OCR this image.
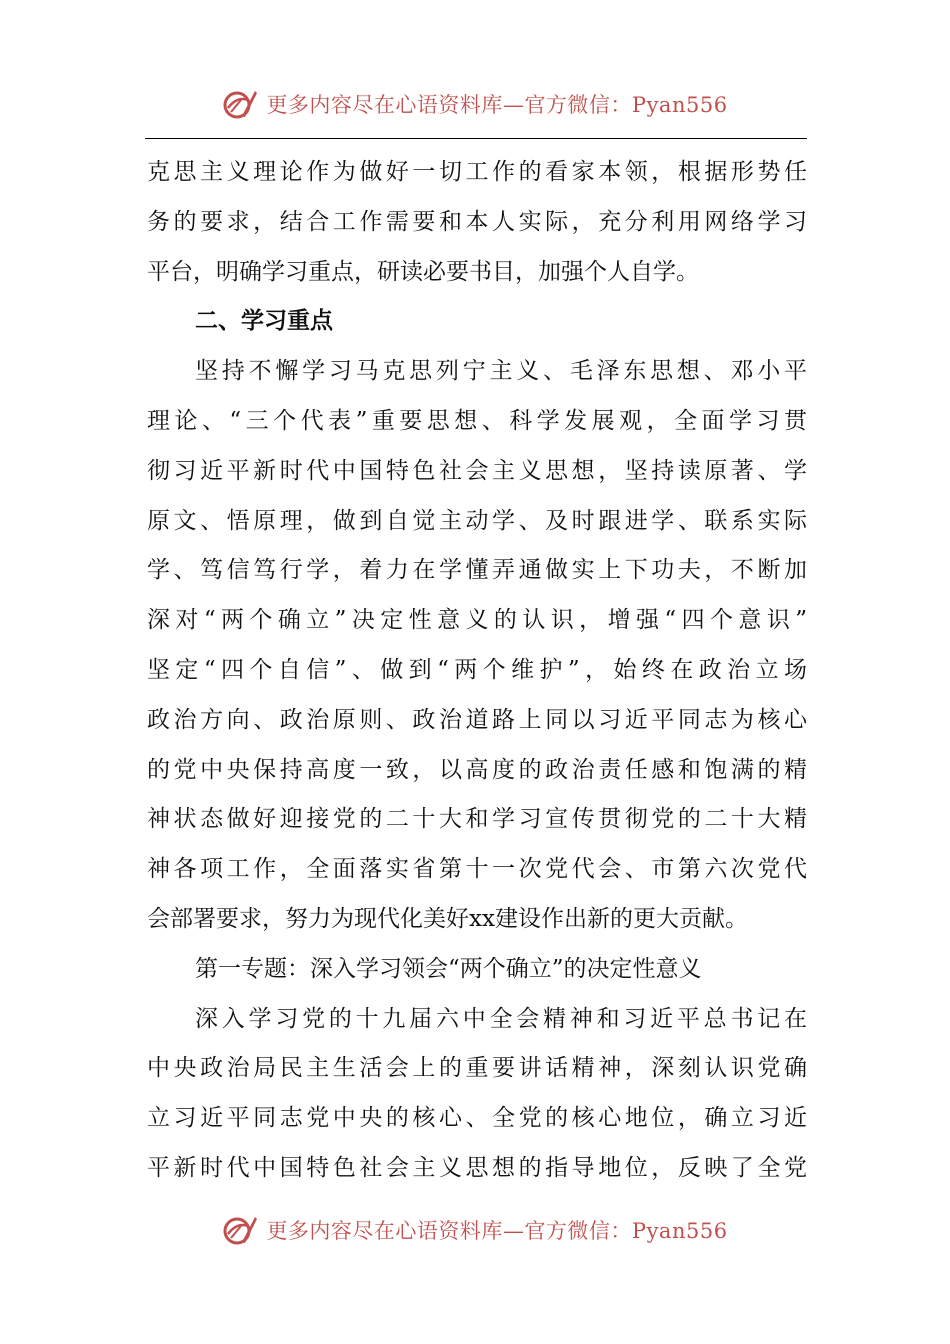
更多内容尽在心语资料库—官方微信：Pyan556
克思主义理论作为做好一切工作的看家本领，根据形势任
务的要求，结合工作需要和本人实际，充分利用网络学习
平台，明确学习重点，研读必要书目，加强个人自学。
二、学习重点
坚持不懈学习马克思列宁主义、毛泽东思想、邓小平
理论、“三个代表”重要思想、科学发展观，全面学习贯
彻习近平新时代中国特色社会主义思想，坚持读原著、学
原文、悟原理，做到自觉主动学、及时跟进学、联系实际
学、笃信笃行学，着力在学懂弄通做实上下功夫，不断加
深对“两个确立”决定性意义的认识，增强“四个意识”
坚定“四个自信”、做到“两个维护”，始终在政治立场
政治方向、政治原则、政治道路上同以习近平同志为核心
的党中央保持高度一致，以高度的政治责任感和饱满的精
神状态做好迎接党的二十大和学习宣传贯彻党的二十大精
神各项工作，全面落实省第十一次党代会、市第六次党代
会部署要求，努力为现代化美好xx建设作出新的更大贡献。
第一专题：深入学习领会“两个确立”的决定性意义
深入学习党的十九届六中全会精神和习近平总书记在
中央政治局民主生活会上的重要讲话精神，深刻认识党确
立习近平同志党中央的核心、全党的核心地位，确立习近
平新时代中国特色社会主义思想的指导地位，反映了全党
更多内容尽在心语资料库—官方微信：Pyan556
